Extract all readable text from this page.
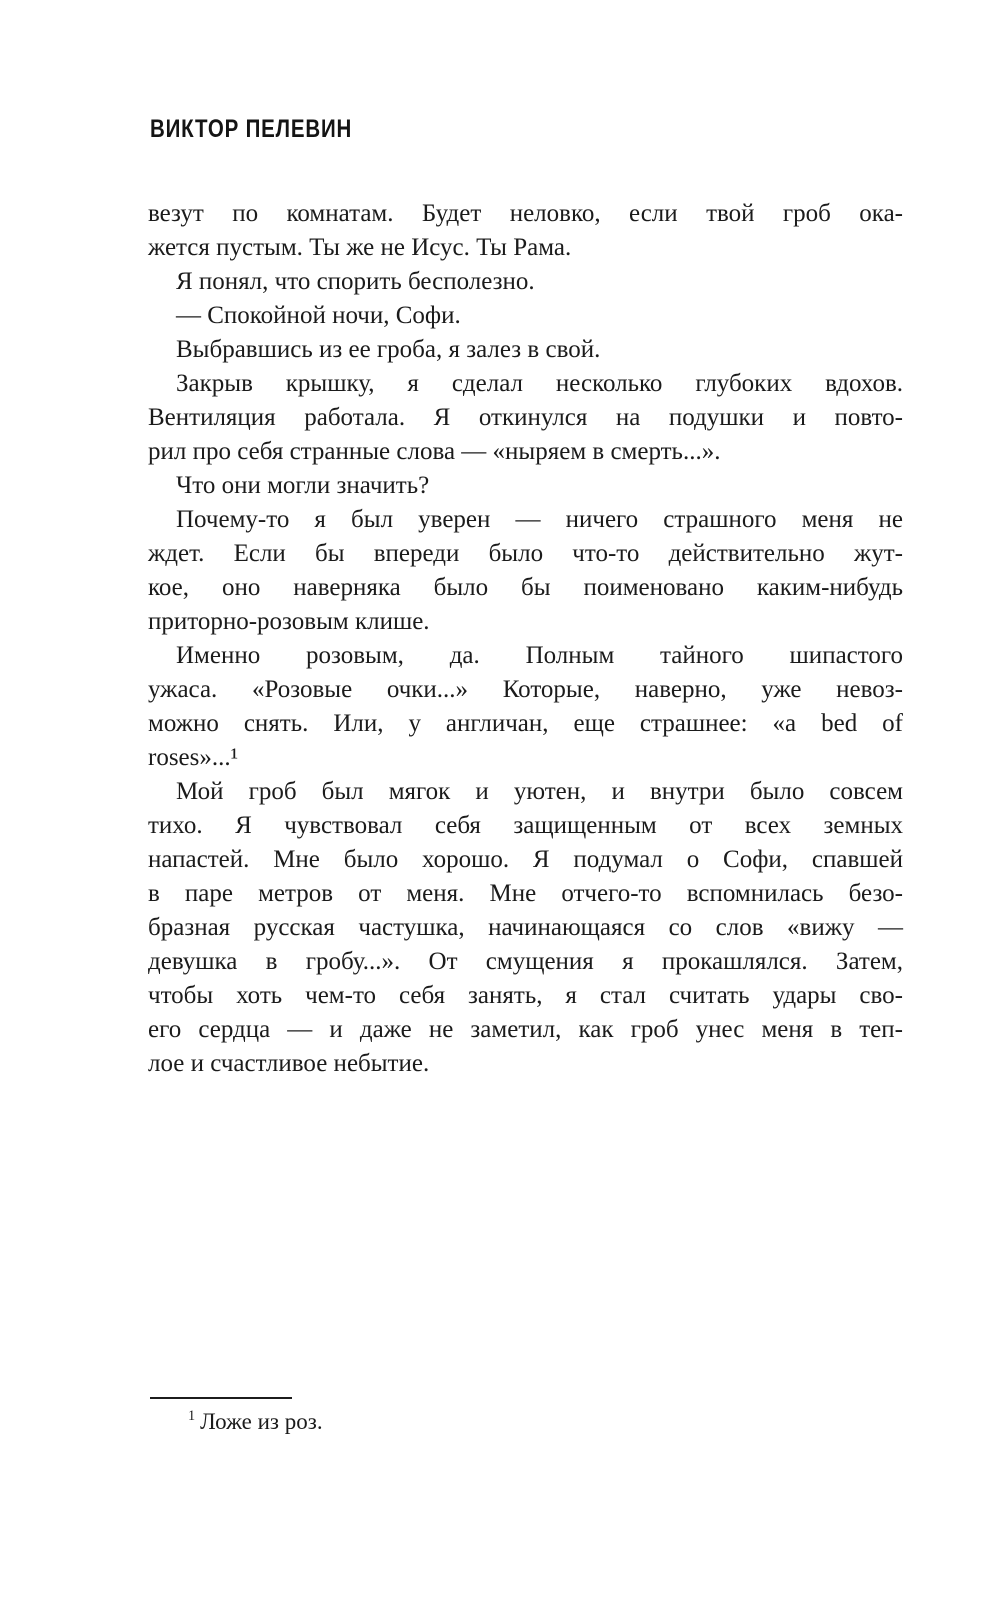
ВИКТОР ПЕЛЕВИН
везут по комнатам. Будет неловко, если твой гроб ока-
жется пустым. Ты же не Исус. Ты Рама.
Я понял, что спорить бесполезно.
— Спокойной ночи, Софи.
Выбравшись из ее гроба, я залез в свой.
Закрыв крышку, я сделал несколько глубоких вдохов.
Вентиляция работала. Я откинулся на подушки и повто-
рил про себя странные слова — «ныряем в смерть...».
Что они могли значить?
Почему-то я был уверен — ничего страшного меня не
ждет. Если бы впереди было что-то действительно жут-
кое, оно наверняка было бы поименовано каким-нибудь
приторно-розовым клише.
Именно розовым, да. Полным тайного шипастого
ужаса. «Розовые очки...» Которые, наверно, уже невоз-
можно снять. Или, у англичан, еще страшнее: «a bed of
roses»...¹
Мой гроб был мягок и уютен, и внутри было совсем
тихо. Я чувствовал себя защищенным от всех земных
напастей. Мне было хорошо. Я подумал о Софи, спавшей
в паре метров от меня. Мне отчего-то вспомнилась безо-
бразная русская частушка, начинающаяся со слов «вижу —
девушка в гробу...». От смущения я прокашлялся. Затем,
чтобы хоть чем-то себя занять, я стал считать удары сво-
его сердца — и даже не заметил, как гроб унес меня в теп-
лое и счастливое небытие.
$^1$ Ложе из роз.
